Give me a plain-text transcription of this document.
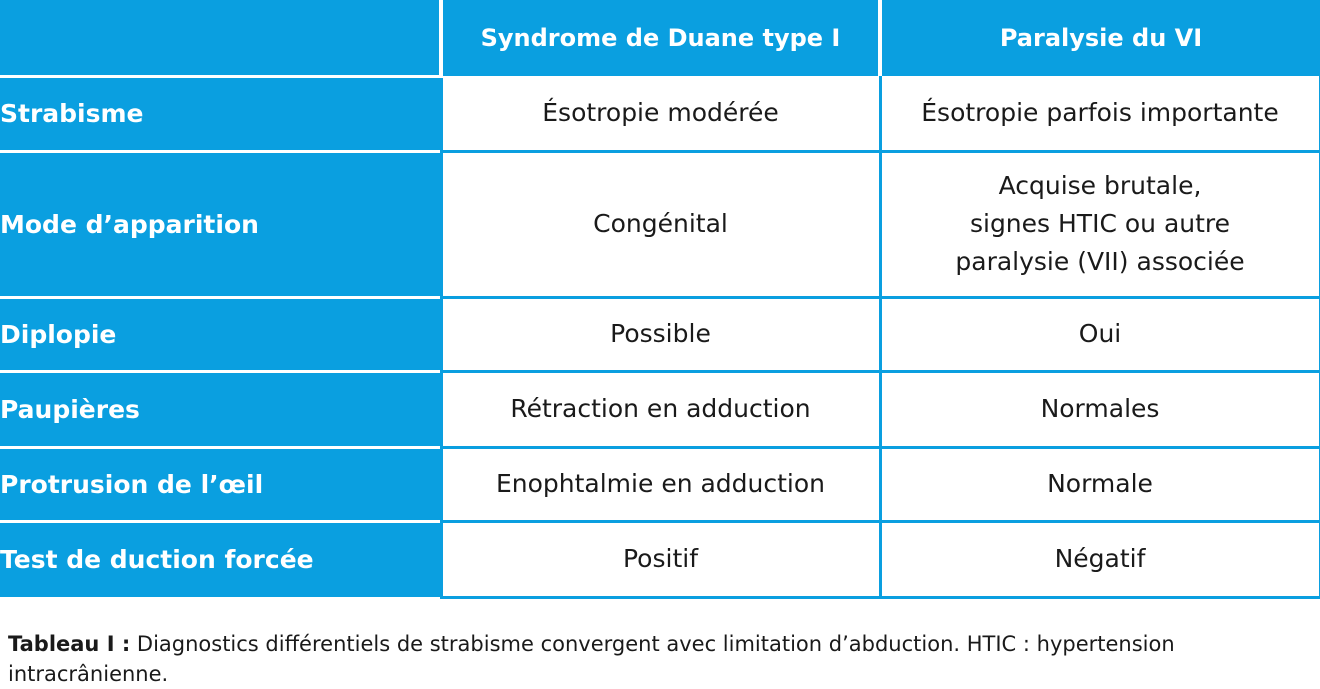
	Syndrome de Duane type I	Paralysie du VI
Strabisme	Ésotropie modérée	Ésotropie parfois importante
Mode d’apparition	Congénital	Acquise brutale,
signes HTIC ou autre
paralysie (VII) associée

Diplopie	Possible	Oui
Paupières	Rétraction en adduction	Normales
Protrusion de l’œil	Enophtalmie en adduction	Normale
Test de duction forcée	Positif	Négatif
Tableau I : Diagnostics différentiels de strabisme convergent avec limitation d’abduction. HTIC : hypertension intracrânienne.
